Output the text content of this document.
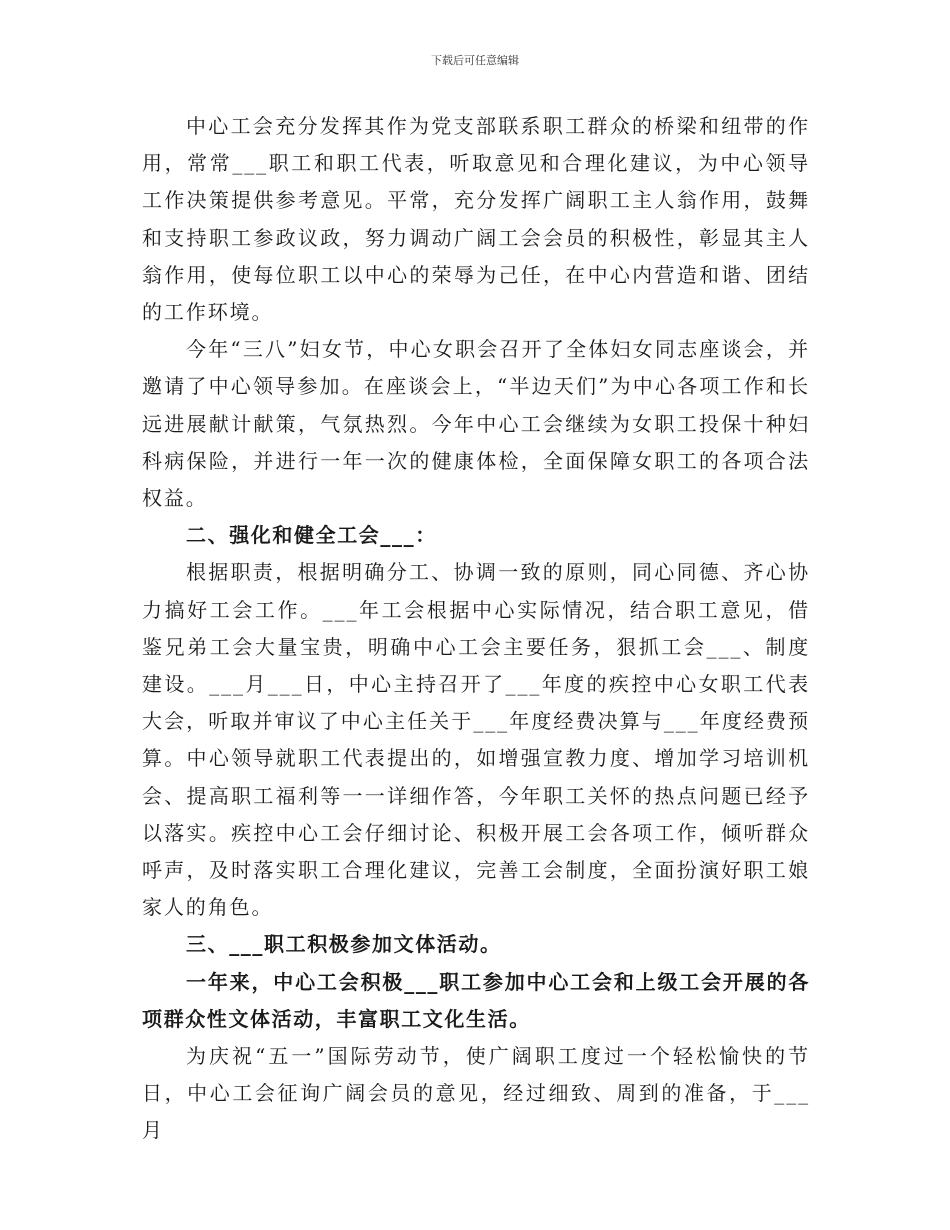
下载后可任意编辑

中心工会充分发挥其作为党支部联系职工群众的桥梁和纽带的作用，常常___职工和职工代表，听取意见和合理化建议，为中心领导工作决策提供参考意见。平常，充分发挥广阔职工主人翁作用，鼓舞和支持职工参政议政，努力调动广阔工会会员的积极性，彰显其主人翁作用，使每位职工以中心的荣辱为己任，在中心内营造和谐、团结的工作环境。

今年“三八”妇女节，中心女职会召开了全体妇女同志座谈会，并邀请了中心领导参加。在座谈会上，“半边天们”为中心各项工作和长远进展献计献策，气氛热烈。今年中心工会继续为女职工投保十种妇科病保险，并进行一年一次的健康体检，全面保障女职工的各项合法权益。

二、强化和健全工会___：

根据职责，根据明确分工、协调一致的原则，同心同德、齐心协力搞好工会工作。___年工会根据中心实际情况，结合职工意见，借鉴兄弟工会大量宝贵，明确中心工会主要任务，狠抓工会___、制度建设。___月___日，中心主持召开了___年度的疾控中心女职工代表大会，听取并审议了中心主任关于___年度经费决算与___年度经费预算。中心领导就职工代表提出的，如增强宣教力度、增加学习培训机会、提高职工福利等一一详细作答，今年职工关怀的热点问题已经予以落实。疾控中心工会仔细讨论、积极开展工会各项工作，倾听群众呼声，及时落实职工合理化建议，完善工会制度，全面扮演好职工娘家人的角色。

三、___职工积极参加文体活动。

一年来，中心工会积极___职工参加中心工会和上级工会开展的各项群众性文体活动，丰富职工文化生活。

为庆祝“五一”国际劳动节，使广阔职工度过一个轻松愉快的节日，中心工会征询广阔会员的意见，经过细致、周到的准备，于___月
